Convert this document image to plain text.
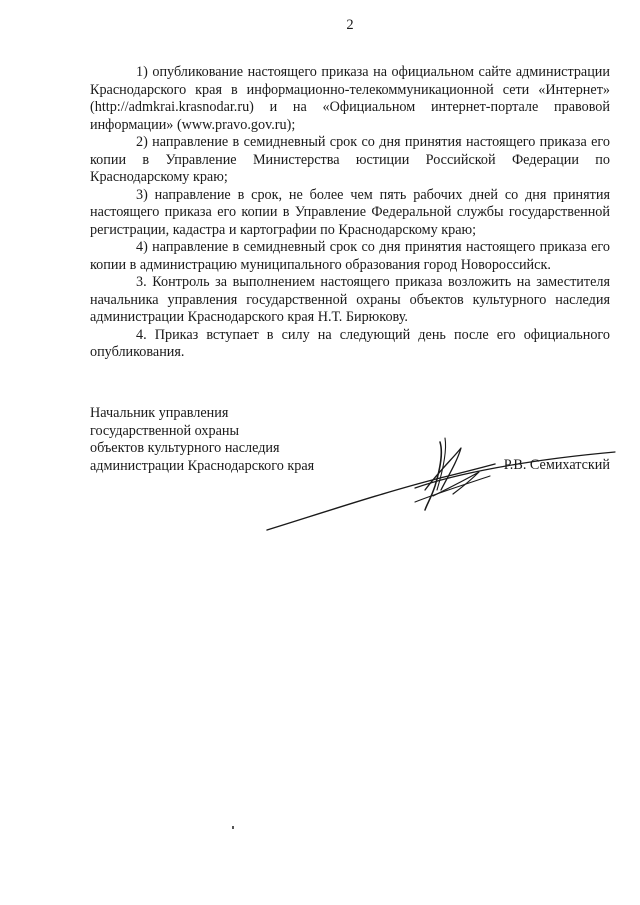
2

1) опубликование настоящего приказа на официальном сайте администрации Краснодарского края в информационно-телекоммуникационной сети «Интернет» (http://admkrai.krasnodar.ru) и на «Официальном интернет-портале правовой информации» (www.pravo.gov.ru);

2) направление в семидневный срок со дня принятия настоящего приказа его копии в Управление Министерства юстиции Российской Федерации по Краснодарскому краю;

3) направление в срок, не более чем пять рабочих дней со дня принятия настоящего приказа его копии в Управление Федеральной службы государственной регистрации, кадастра и картографии по Краснодарскому краю;

4) направление в семидневный срок со дня принятия настоящего приказа его копии в администрацию муниципального образования город Новороссийск.

3. Контроль за выполнением настоящего приказа возложить на заместителя начальника управления государственной охраны объектов культурного наследия администрации Краснодарского края Н.Т. Бирюкову.

4. Приказ вступает в силу на следующий день после его официального опубликования.

Начальник управления
государственной охраны
объектов культурного наследия
администрации Краснодарского края	Р.В. Семихатский
